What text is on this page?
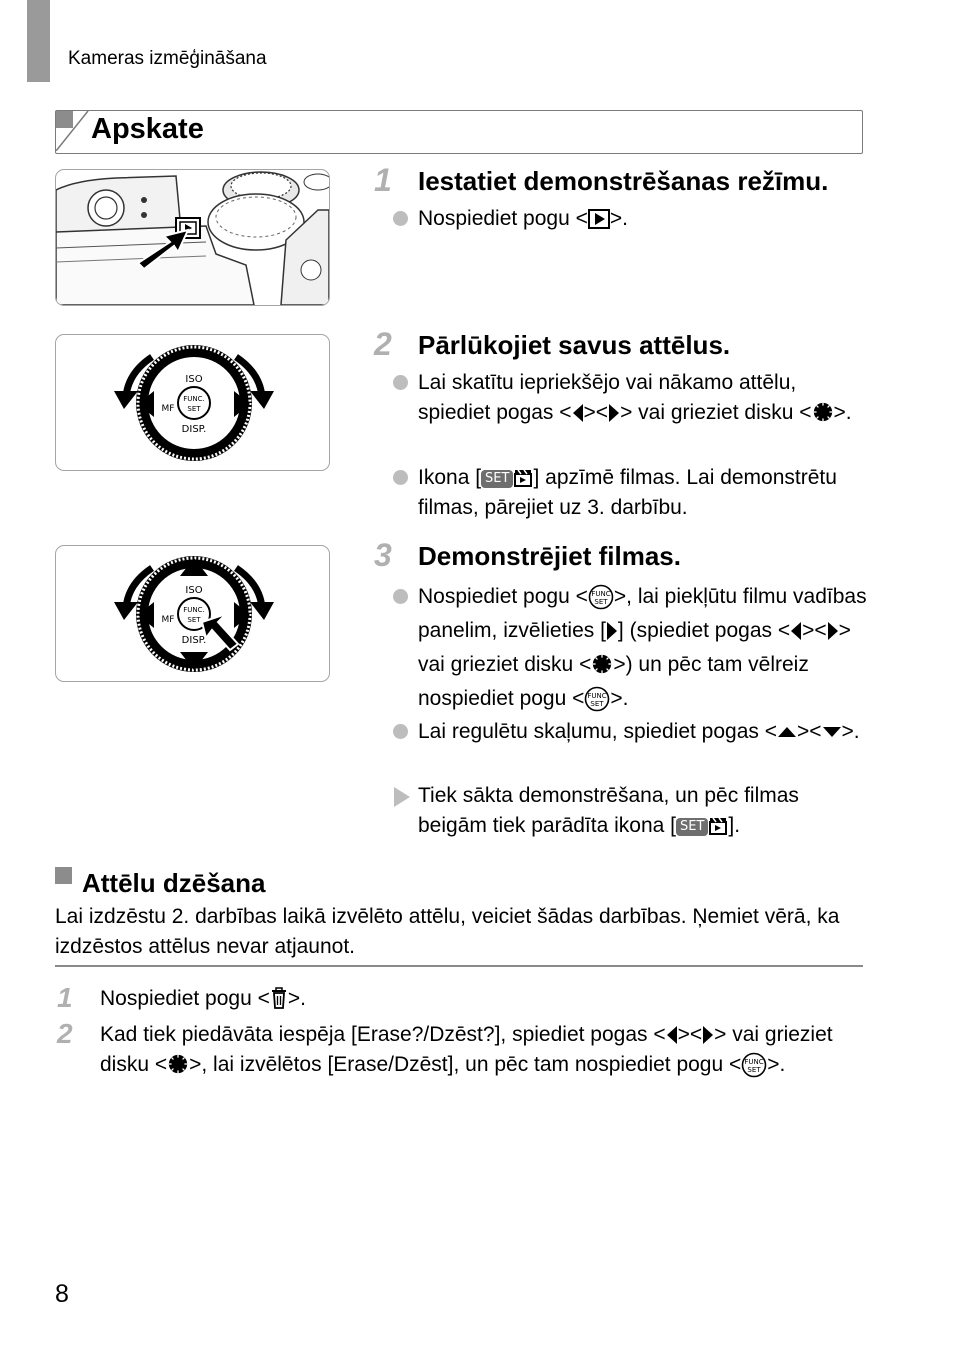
Kameras izmēģināšana
Apskate
ISO
DISP.
FUNC.
SET
MF
ISO
DISP.
FUNC.
SET
MF
1 Iestatiet demonstrēšanas režīmu.
Nospiediet pogu < >.
2 Pārlūkojiet savus attēlus.
Lai skatītu iepriekšējo vai nākamo attēlu, spiediet pogas < >< > vai grieziet disku < >.
Ikona [ SET ] apzīmē filmas. Lai demonstrētu filmas, pārejiet uz 3. darbību.
3 Demonstrējiet filmas.
Nospiediet pogu < >, lai piekļūtu filmu vadības panelim, izvēlieties [ ] (spiediet pogas < >< > vai grieziet disku < >) un pēc tam vēlreiz nospiediet pogu < >.
Lai regulētu skaļumu, spiediet pogas < >< >.
Tiek sākta demonstrēšana, un pēc filmas beigām tiek parādīta ikona [ SET ].
Attēlu dzēšana
Lai izdzēstu 2. darbības laikā izvēlēto attēlu, veiciet šādas darbības. Ņemiet vērā, ka izdzēstos attēlus nevar atjaunot.
1 Nospiediet pogu < >.
2 Kad tiek piedāvāta iespēja [Erase?/Dzēst?], spiediet pogas < >< > vai grieziet disku < >, lai izvēlētos [Erase/Dzēst], un pēc tam nospiediet pogu < >.
8
